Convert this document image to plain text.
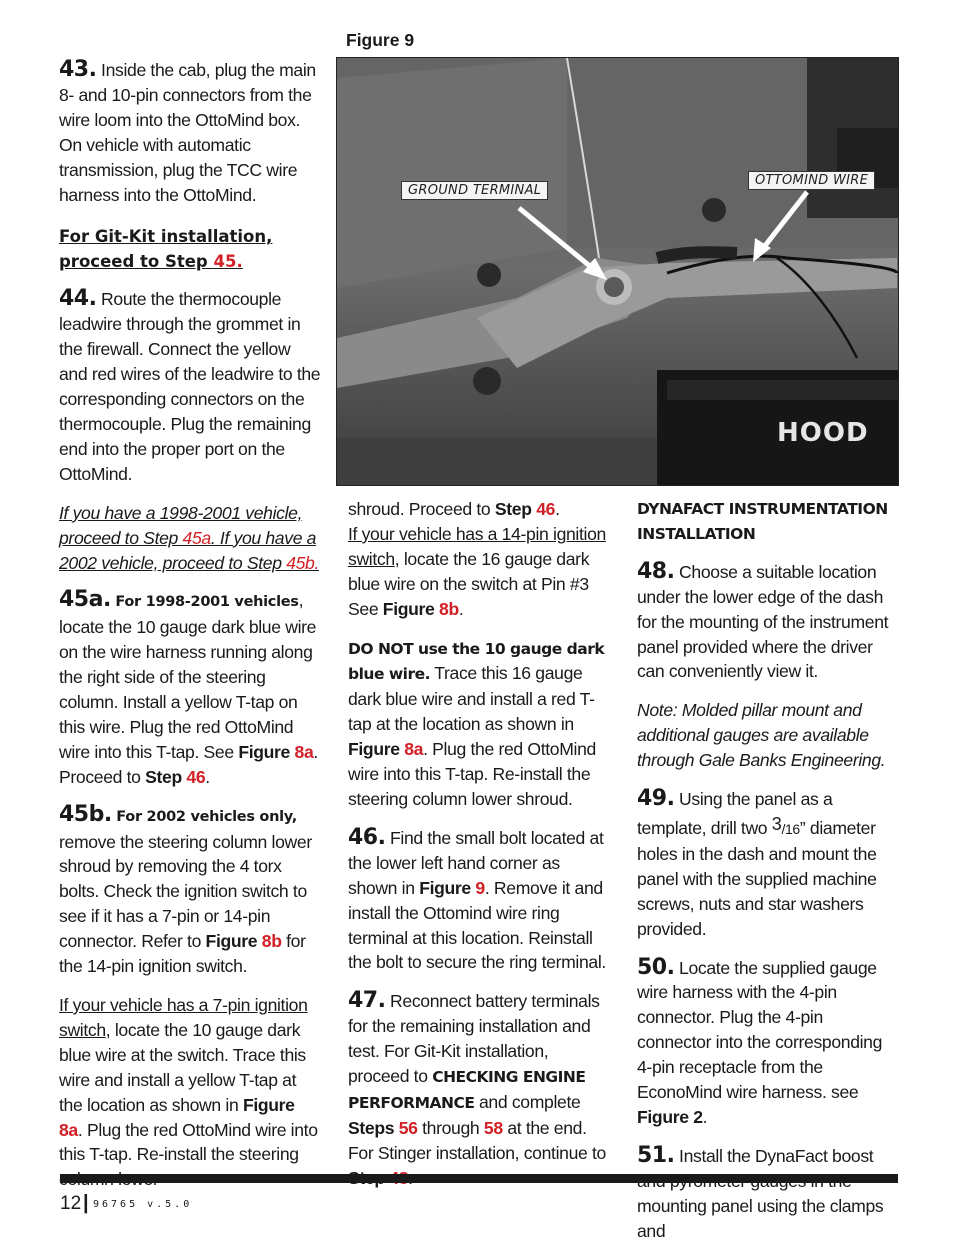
Figure 9
GROUND TERMINAL
OTTOMIND WIRE
HOOD

43. Inside the cab, plug the main 8- and 10-pin connectors from the wire loom into the OttoMind box. On vehicle with automatic transmission, plug the TCC wire harness into the OttoMind.

For Git-Kit installation, proceed to Step 45.

44. Route the thermocouple leadwire through the grommet in the firewall. Connect the yellow and red wires of the leadwire to the corresponding connectors on the thermocouple. Plug the remaining end into the proper port on the OttoMind.

If you have a 1998-2001 vehicle, proceed to Step 45a. If you have a 2002 vehicle, proceed to Step 45b.

45a. For 1998-2001 vehicles, locate the 10 gauge dark blue wire on the wire harness running along the right side of the steering column. Install a yellow T-tap on this wire. Plug the red OttoMind wire into this T-tap. See Figure 8a. Proceed to Step 46.

45b. For 2002 vehicles only, remove the steering column lower shroud by removing the 4 torx bolts. Check the ignition switch to see if it has a 7-pin or 14-pin connector. Refer to Figure 8b for the 14-pin ignition switch.

If your vehicle has a 7-pin ignition switch, locate the 10 gauge dark blue wire at the switch. Trace this wire and install a yellow T-tap at the location as shown in Figure 8a. Plug the red OttoMind wire into this T-tap. Re-install the steering

shroud. Proceed to Step 46.

If your vehicle has a 14-pin ignition switch, locate the 16 gauge dark blue wire on the switch at Pin #3 See Figure 8b.

DO NOT use the 10 gauge dark blue wire. Trace this 16 gauge dark blue wire and install a red T-tap at the location as shown in Figure 8a. Plug the red OttoMind wire into this T-tap. Re-install the steering column lower shroud.

46. Find the small bolt located at the lower left hand corner as shown in Figure 9. Remove it and install the Ottomind wire ring terminal at this location. Reinstall the bolt to secure the ring terminal.

47. Reconnect battery terminals for the remaining installation and test. For Git-Kit installation, proceed to CHECKING ENGINE PERFORMANCE and complete Steps 56 through 58 at the end. For Stinger installation, continue to

DYNAFACT INSTRUMENTATION INSTALLATION

48. Choose a suitable location under the lower edge of the dash for the mounting of the instrument panel provided where the driver can conveniently view it.

Note: Molded pillar mount and additional gauges are available through Gale Banks Engineering.

49. Using the panel as a template, drill two 3/16” diameter holes in the dash and mount the panel with the supplied machine screws, nuts and star washers provided.

50. Locate the supplied gauge wire harness with the 4-pin connector. Plug the 4-pin connector into the corresponding 4-pin receptacle from the EconoMind wire harness. see Figure 2.

51. Install the DynaFact boost mounting panel using the clamps and

12 | 96765 v.5.0
